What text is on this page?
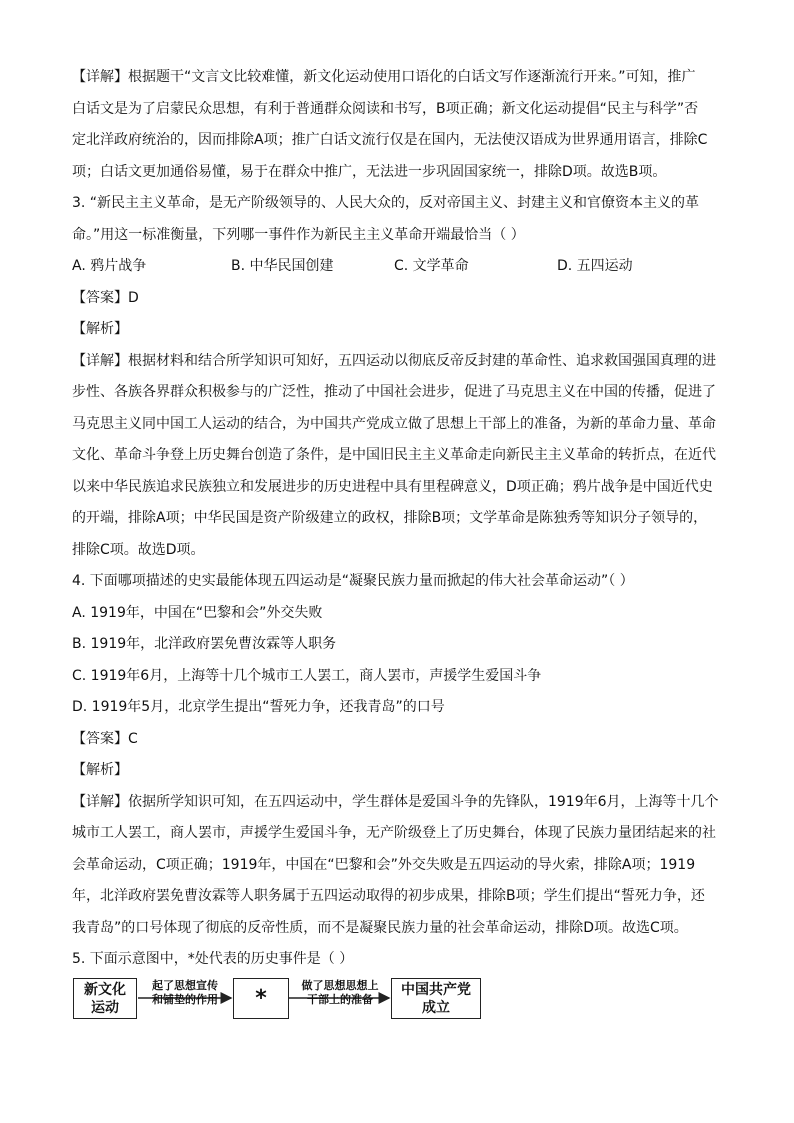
【详解】根据题干“文言文比较难懂，新文化运动使用口语化的白话文写作逐渐流行开来。”可知，推广

白话文是为了启蒙民众思想，有利于普通群众阅读和书写，B项正确；新文化运动提倡“民主与科学”否

定北洋政府统治的，因而排除A项；推广白话文流行仅是在国内，无法使汉语成为世界通用语言，排除C

项；白话文更加通俗易懂，易于在群众中推广，无法进一步巩固国家统一，排除D项。故选B项。

3. “新民主主义革命，是无产阶级领导的、人民大众的，反对帝国主义、封建主义和官僚资本主义的革

命。”用这一标准衡量，下列哪一事件作为新民主主义革命开端最恰当（ ）

A. 鸦片战争	B. 中华民国创建	C. 文学革命	D. 五四运动

【答案】D

【解析】

【详解】根据材料和结合所学知识可知好，五四运动以彻底反帝反封建的革命性、追求救国强国真理的进

步性、各族各界群众积极参与的广泛性，推动了中国社会进步，促进了马克思主义在中国的传播，促进了

马克思主义同中国工人运动的结合，为中国共产党成立做了思想上干部上的准备，为新的革命力量、革命

文化、革命斗争登上历史舞台创造了条件，是中国旧民主主义革命走向新民主主义革命的转折点，在近代

以来中华民族追求民族独立和发展进步的历史进程中具有里程碑意义，D项正确；鸦片战争是中国近代史

的开端，排除A项；中华民国是资产阶级建立的政权，排除B项；文学革命是陈独秀等知识分子领导的，

排除C项。故选D项。

4. 下面哪项描述的史实最能体现五四运动是“凝聚民族力量而掀起的伟大社会革命运动”（ ）

A. 1919年，中国在“巴黎和会”外交失败

B. 1919年，北洋政府罢免曹汝霖等人职务

C. 1919年6月，上海等十几个城市工人罢工，商人罢市，声援学生爱国斗争

D. 1919年5月，北京学生提出“誓死力争，还我青岛”的口号

【答案】C

【解析】

【详解】依据所学知识可知，在五四运动中，学生群体是爱国斗争的先锋队，1919年6月，上海等十几个

城市工人罢工，商人罢市，声援学生爱国斗争，无产阶级登上了历史舞台，体现了民族力量团结起来的社

会革命运动，C项正确；1919年，中国在“巴黎和会”外交失败是五四运动的导火索，排除A项；1919

年，北洋政府罢免曹汝霖等人职务属于五四运动取得的初步成果，排除B项；学生们提出“誓死力争，还

我青岛”的口号体现了彻底的反帝性质，而不是凝聚民族力量的社会革命运动，排除D项。故选C项。

5. 下面示意图中，*处代表的历史事件是（ ）

新文化
运动
起了思想宣传
和铺垫的作用	*	做了思想思想上
干部上的准备
中国共产党
成立
